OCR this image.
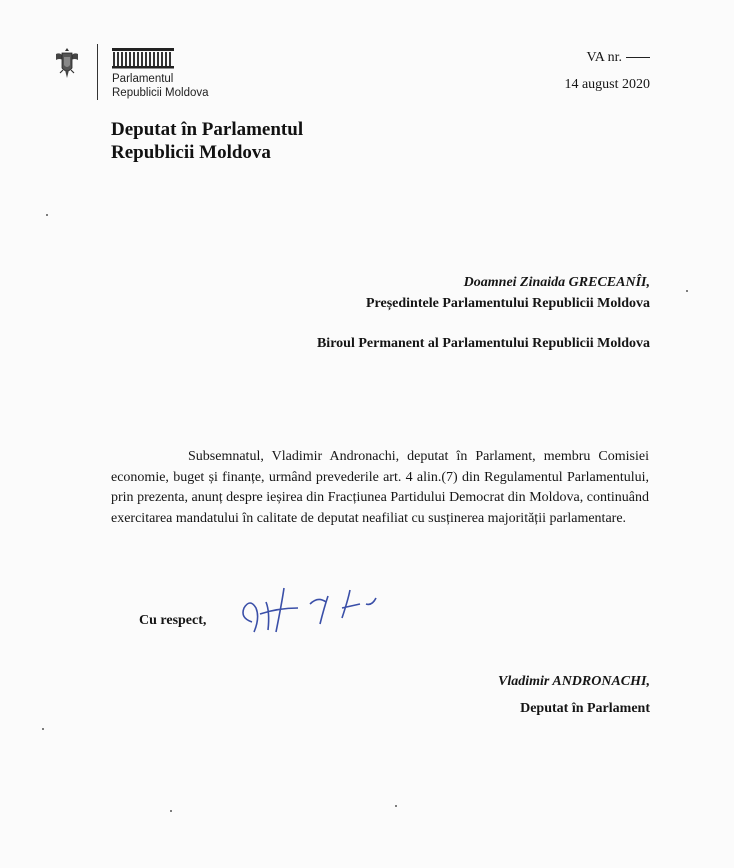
Parlamentul
Republicii Moldova
VA nr.
14 august 2020
Deputat în Parlamentul
Republicii Moldova
Doamnei Zinaida GRECEANÎI,
Președintele Parlamentului Republicii Moldova
Biroul Permanent al Parlamentului Republicii Moldova
Subsemnatul, Vladimir Andronachi, deputat în Parlament, membru Comisiei economie, buget și finanțe, urmând prevederile art. 4 alin.(7) din Regulamentul Parlamentului, prin prezenta, anunț despre ieșirea din Fracțiunea Partidului Democrat din Moldova, continuând exercitarea mandatului în calitate de deputat neafiliat cu susținerea majorității parlamentare.
Cu respect,
Vladimir ANDRONACHI,
Deputat în Parlament
